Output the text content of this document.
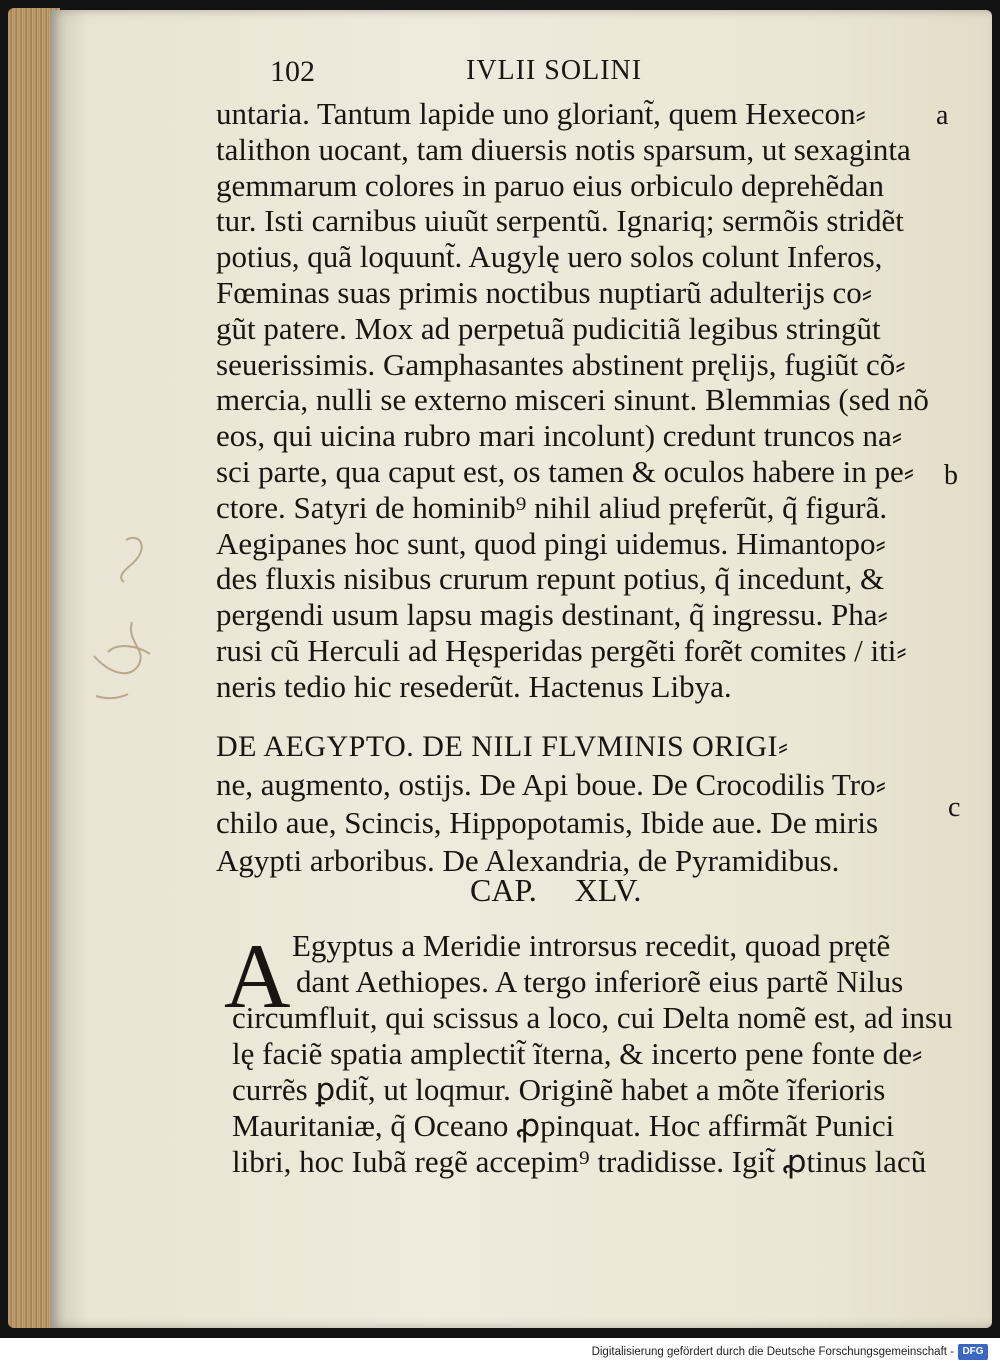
102	IVLII SOLINI
untaria. Tantum lapide uno gloriant̃, quem Hexecon⸗
talithon uocant, tam diuersis notis sparsum, ut sexaginta
gemmarum colores in paruo eius orbiculo deprehẽdan
tur. Isti carnibus uiuũt serpentũ. Ignariq; sermõis stridẽt
potius, quã loquunt̃. Augylę uero solos colunt Inferos,
Fœminas suas primis noctibus nuptiarũ adulterijs co⸗
gũt patere. Mox ad perpetuã pudicitiã legibus stringũt
seuerissimis. Gamphasantes abstinent pręlijs, fugiũt cõ⸗
mercia, nulli se externo misceri sinunt. Blemmias (sed nõ
eos, qui uicina rubro mari incolunt) credunt truncos na⸗
sci parte, qua caput est, os tamen & oculos habere in pe⸗
ctore. Satyri de hominib⁹ nihil aliud pręferũt, q̃ figurã.
Aegipanes hoc sunt, quod pingi uidemus. Himantopo⸗
des fluxis nisibus crurum repunt potius, q̃ incedunt, &
pergendi usum lapsu magis destinant, q̃ ingressu. Pha⸗
rusi cũ Herculi ad Hęsperidas pergẽti forẽt comites / iti⸗
neris tedio hic resederũt. Hactenus Libya.
DE AEGYPTO. DE NILI FLVMINIS ORIGI⸗
ne, augmento, ostijs. De Api boue. De Crocodilis Tro⸗
chilo aue, Scincis, Hippopotamis, Ibide aue. De miris
Agypti arboribus. De Alexandria, de Pyramidibus.
CAP. XLV.
A Egyptus a Meridie introrsus recedit, quoad prętẽ
dant Aethiopes. A tergo inferiorẽ eius partẽ Nilus
circumfluit, qui scissus a loco, cui Delta nomẽ est, ad insu
lę faciẽ spatia amplectit̃ ĩterna, & incerto pene fonte de⸗
currẽs ꝑdit̃, ut loqmur. Originẽ habet a mõte ĩferioris
Mauritaniæ, q̃ Oceano ꝓpinquat. Hoc affirmãt Punici
libri, hoc Iubã regẽ accepim⁹ tradidisse. Igit̃ ꝓtinus lacũ
a
b
c
Digitalisierung gefördert durch die Deutsche Forschungsgemeinschaft - DFG
